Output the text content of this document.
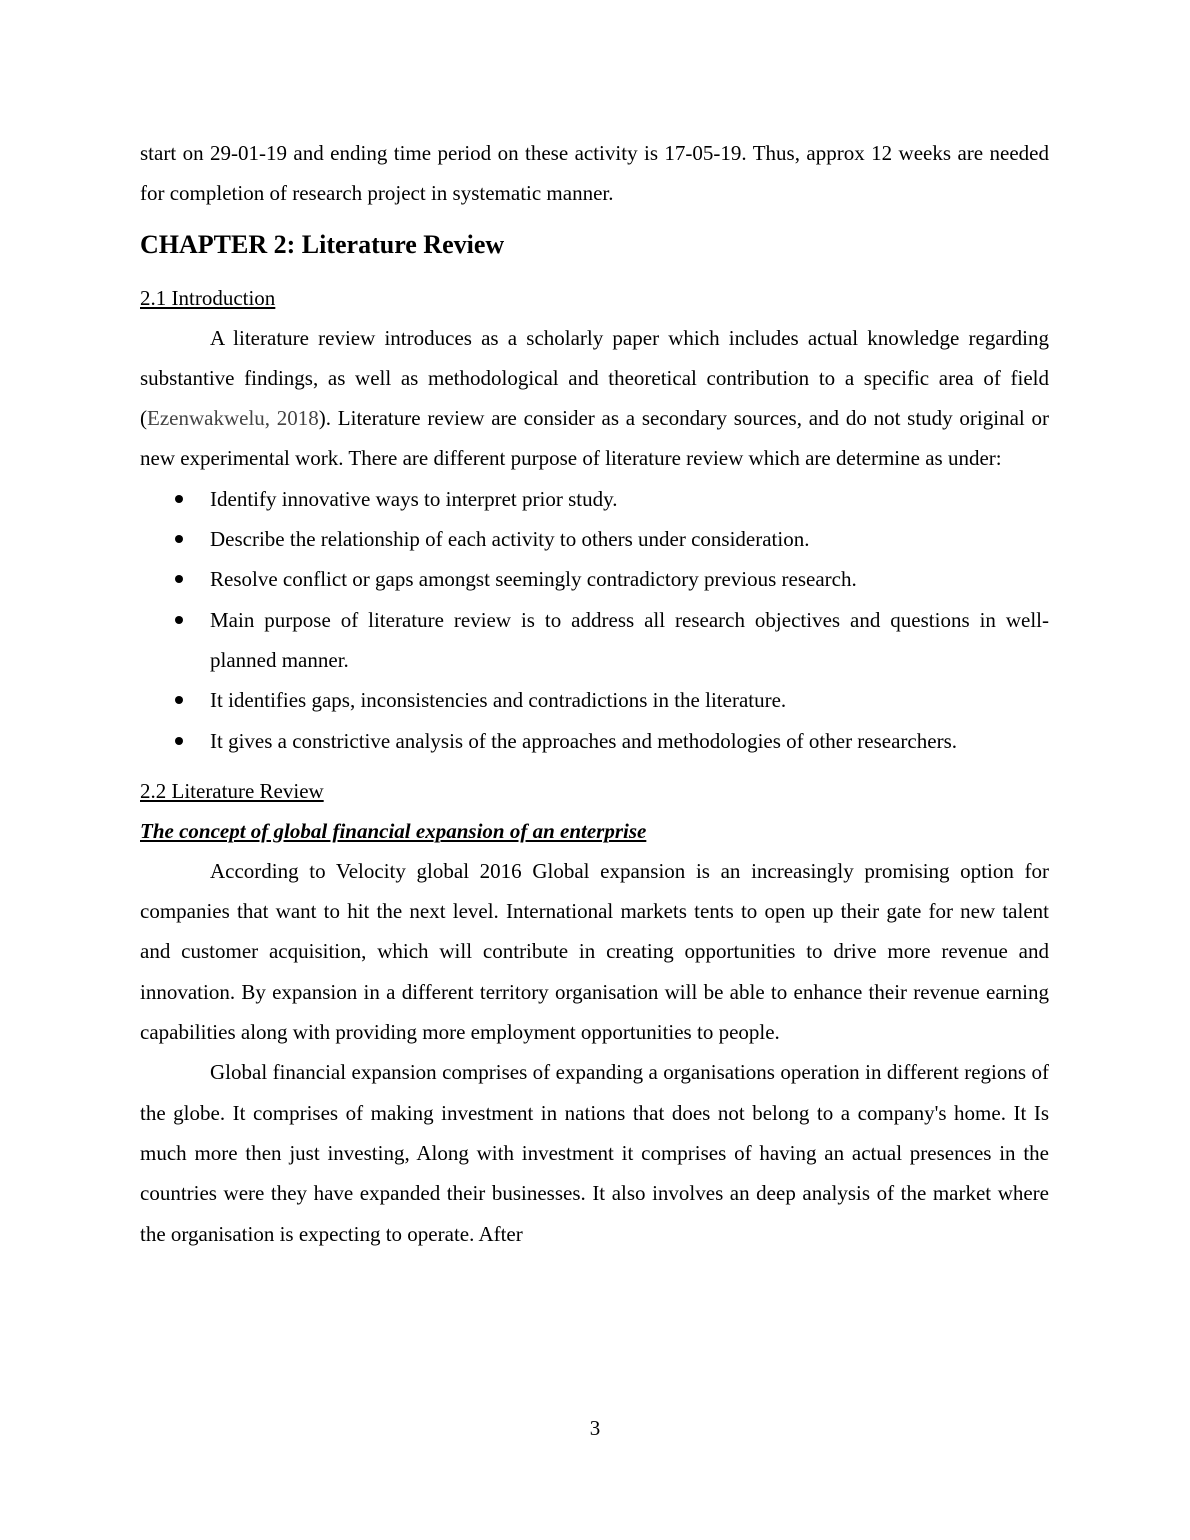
start on 29-01-19 and ending time period on these activity is 17-05-19. Thus, approx 12 weeks are needed for completion of research project in systematic manner.

CHAPTER 2: Literature Review
2.1 Introduction

A literature review introduces as a scholarly paper which includes actual knowledge regarding substantive findings, as well as methodological and theoretical contribution to a specific area of field (Ezenwakwelu, 2018). Literature review are consider as a secondary sources, and do not study original or new experimental work. There are different purpose of literature review which are determine as under:

Identify innovative ways to interpret prior study.
Describe the relationship of each activity to others under consideration.
Resolve conflict or gaps amongst seemingly contradictory previous research.
Main purpose of literature review is to address all research objectives and questions in well-planned manner.
It identifies gaps, inconsistencies and contradictions in the literature.
It gives a constrictive analysis of the approaches and methodologies of other researchers.
2.2 Literature Review
The concept of global financial expansion of an enterprise

According to Velocity global 2016 Global expansion is an increasingly promising option for companies that want to hit the next level. International markets tents to open up their gate for new talent and customer acquisition, which will contribute in creating opportunities to drive more revenue and innovation. By expansion in a different territory organisation will be able to enhance their revenue earning capabilities along with providing more employment opportunities to people.

Global financial expansion comprises of expanding a organisations operation in different regions of the globe. It comprises of making investment in nations that does not belong to a company's home. It Is much more then just investing, Along with investment it comprises of having an actual presences in the countries were they have expanded their businesses. It also involves an deep analysis of the market where the organisation is expecting to operate. After

3
